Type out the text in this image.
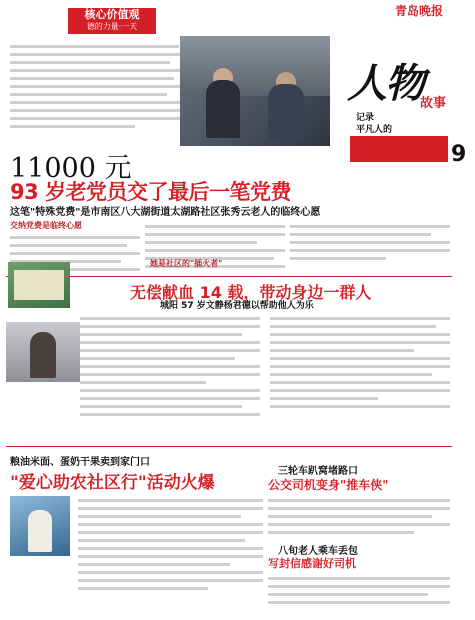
核心价值观
德的力量·一天
青岛晚报
人物
故事
记录
平凡人的
9
11000 元
93 岁老党员交了最后一笔党费
这笔"特殊党费"是市南区八大湖街道太湖路社区张秀云老人的临终心愿
交纳党费是临终心愿
她是社区的"插火者"
无偿献血 14 载，带动身边一群人
城阳 57 岁文静杨君德以帮助他人为乐
粮油米面、蛋奶干果卖到家门口
"爱心助农社区行"活动火爆
三轮车趴窝堵路口
公交司机变身"推车侠"
八旬老人乘车丢包
写封信感谢好司机
